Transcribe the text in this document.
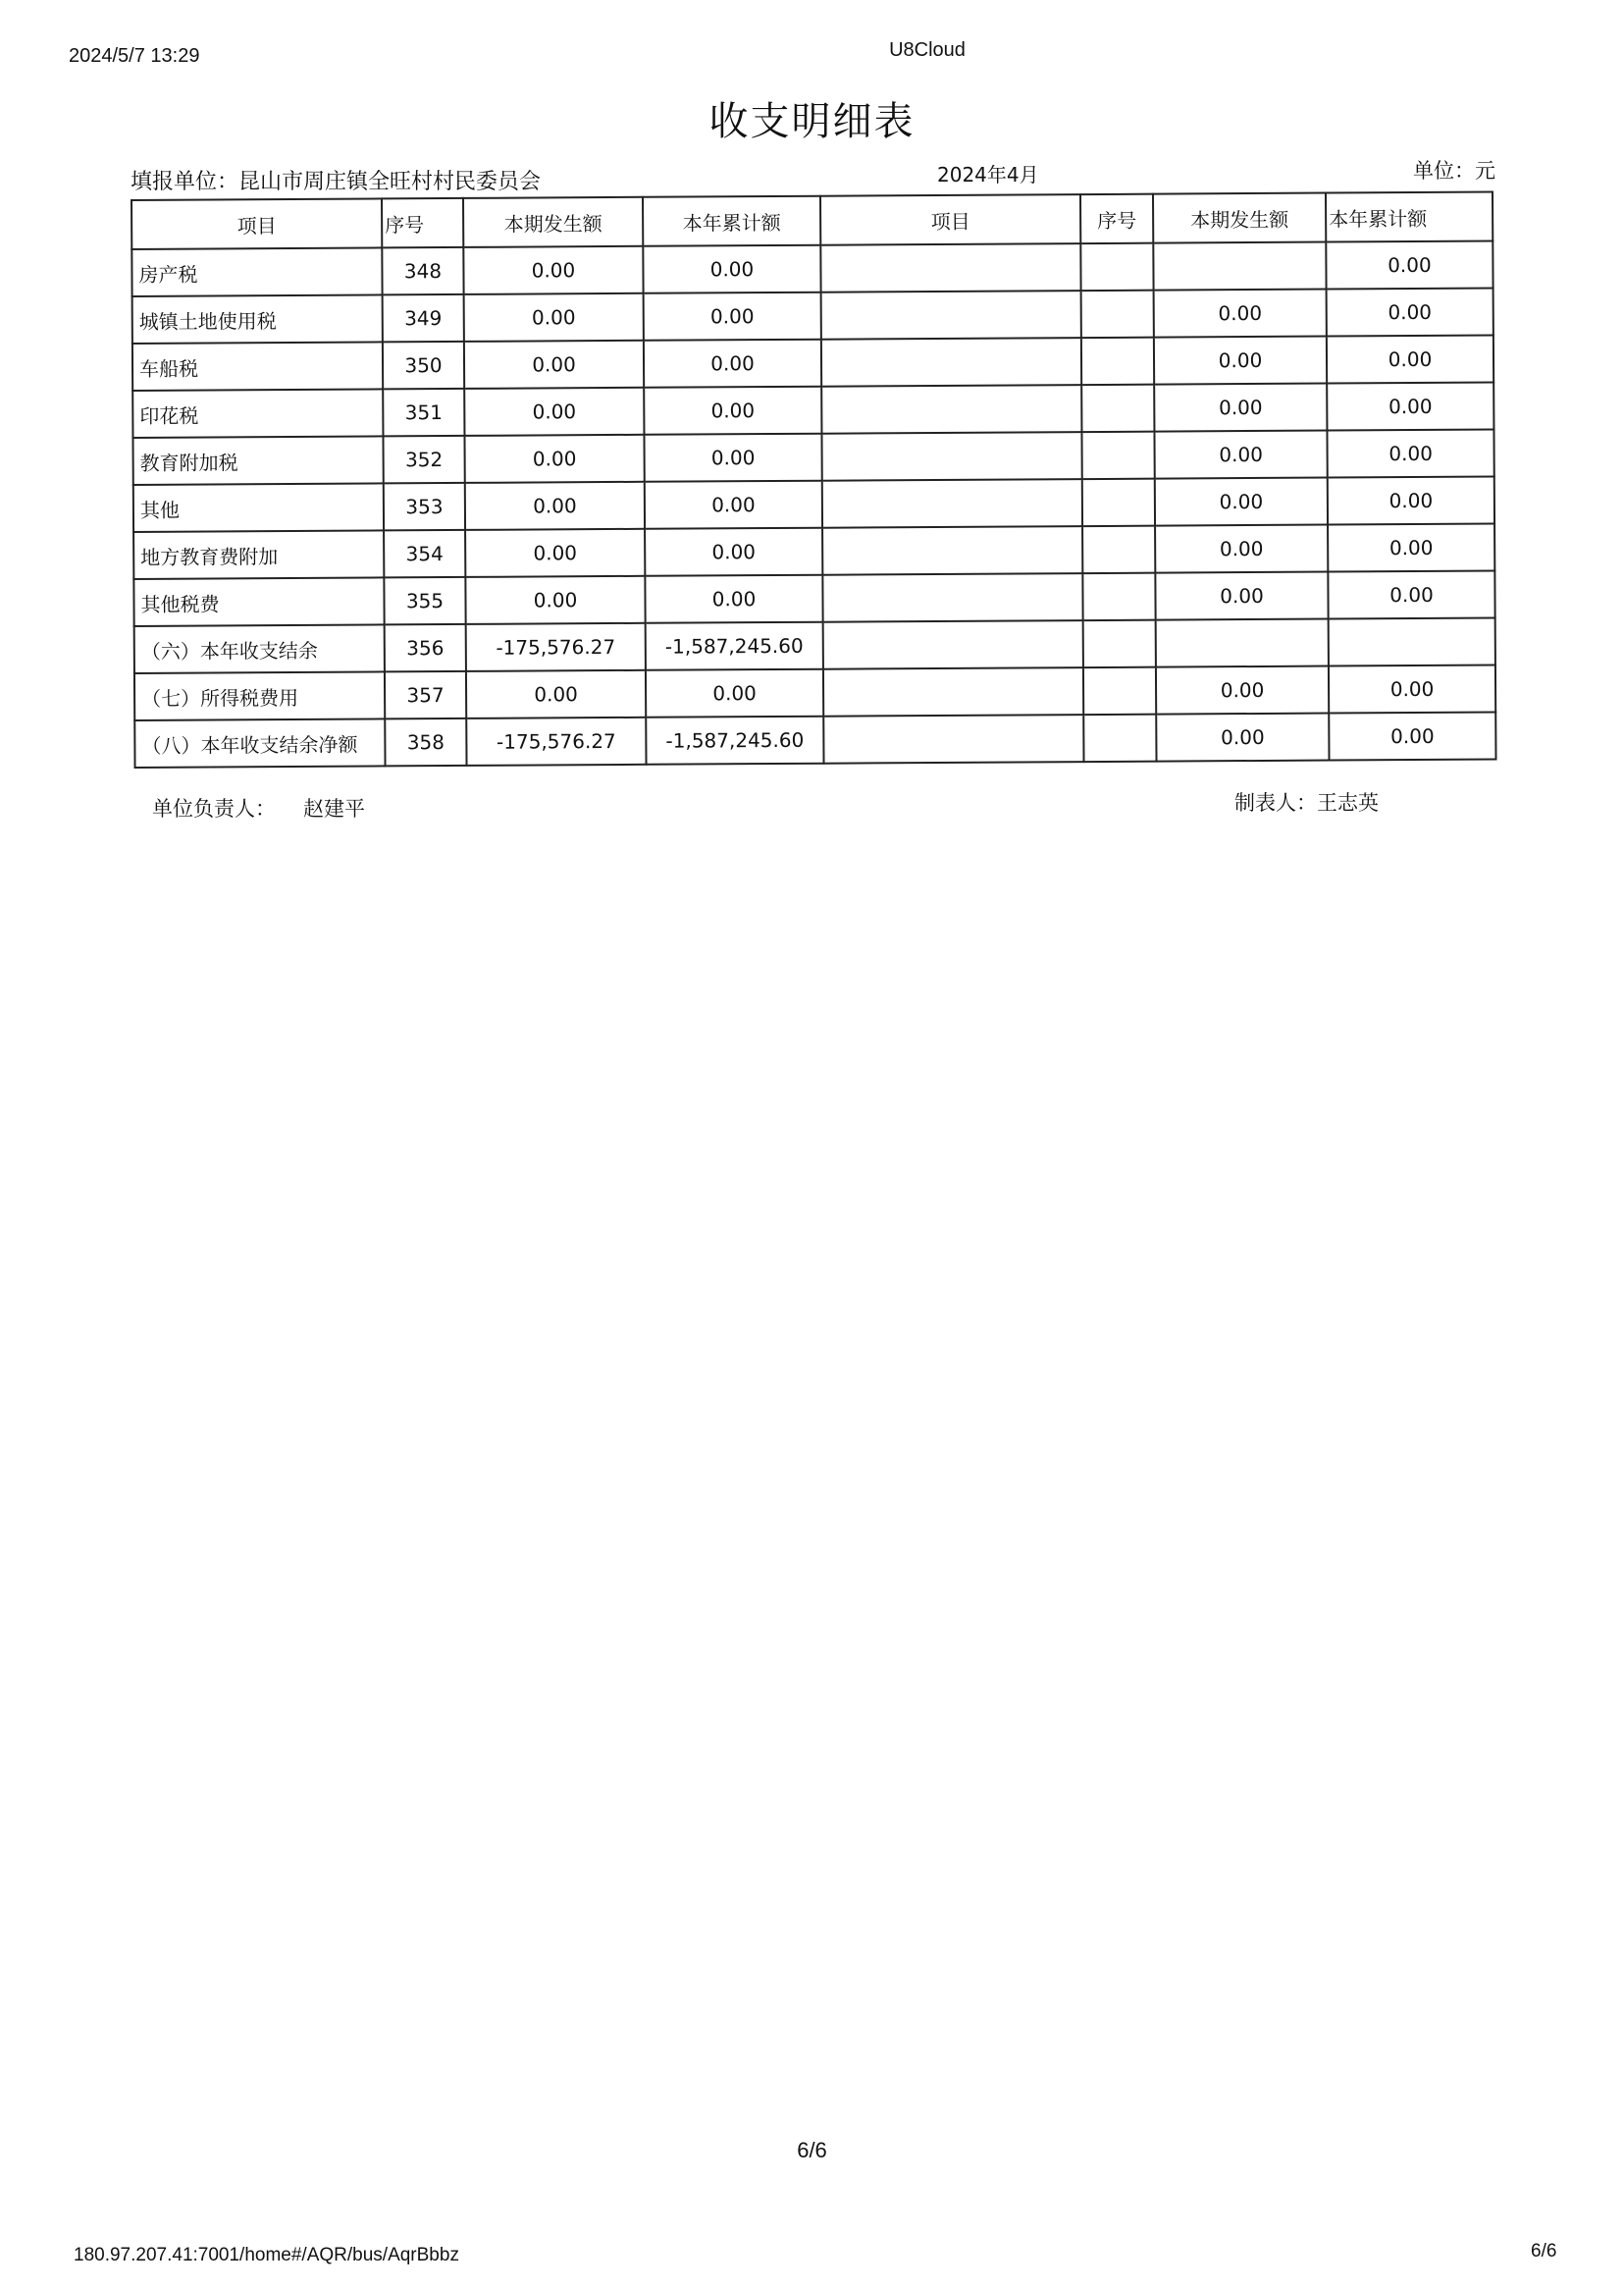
2024/5/7 13:29	U8Cloud
收支明细表
填报单位：昆山市周庄镇全旺村村民委员会	2024年4月	单位：元
项目	序号	本期发生额	本年累计额	项目	序号	本期发生额	本年累计额
房产税	348	0.00	0.00				0.00
城镇土地使用税	349	0.00	0.00			0.00	0.00
车船税	350	0.00	0.00			0.00	0.00
印花税	351	0.00	0.00			0.00	0.00
教育附加税	352	0.00	0.00			0.00	0.00
其他	353	0.00	0.00			0.00	0.00
地方教育费附加	354	0.00	0.00			0.00	0.00
其他税费	355	0.00	0.00			0.00	0.00
（六）本年收支结余	356	-175,576.27	-1,587,245.60				
（七）所得税费用	357	0.00	0.00			0.00	0.00
（八）本年收支结余净额	358	-175,576.27	-1,587,245.60			0.00	0.00
单位负责人： 赵建平	制表人：王志英
6/6
180.97.207.41:7001/home#/AQR/bus/AqrBbbz	6/6
